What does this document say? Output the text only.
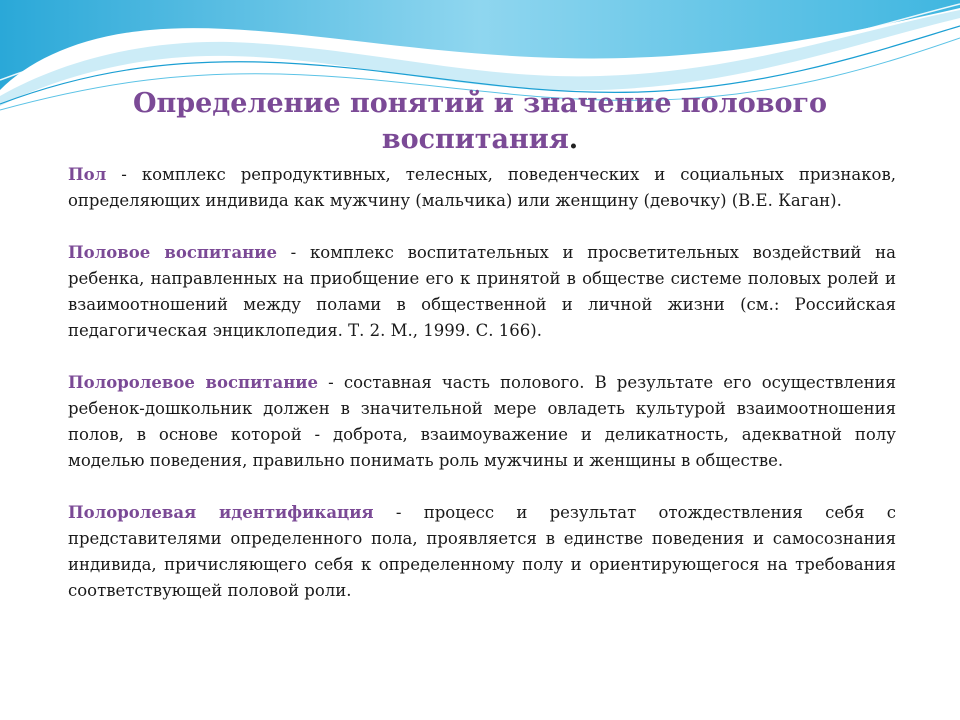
Определение понятий и значение полового
воспитания.

Пол - комплекс репродуктивных, телесных, поведенческих и социальных признаков, определяющих индивида как мужчину (мальчика) или женщину (девочку) (В.Е. Каган).

Половое воспитание - комплекс воспитательных и просветительных воздействий на ребенка, направленных на приобщение его к принятой в обществе системе половых ролей и взаимоотношений между полами в общественной и личной жизни (см.: Российская педагогическая энциклопедия. Т. 2. М., 1999. С. 166).

Полоролевое воспитание - составная часть полового. В результате его осуществления ребенок-дошкольник должен в значительной мере овладеть культурой взаимоотношения полов, в основе которой - доброта, взаимоуважение и деликатность, адекватной полу моделью поведения, правильно понимать роль мужчины и женщины в обществе.

Полоролевая идентификация - процесс и результат отождествления себя с представителями определенного пола, проявляется в единстве поведения и самосознания индивида, причисляющего себя к определенному полу и ориентирующегося на требования соответствующей половой роли.
